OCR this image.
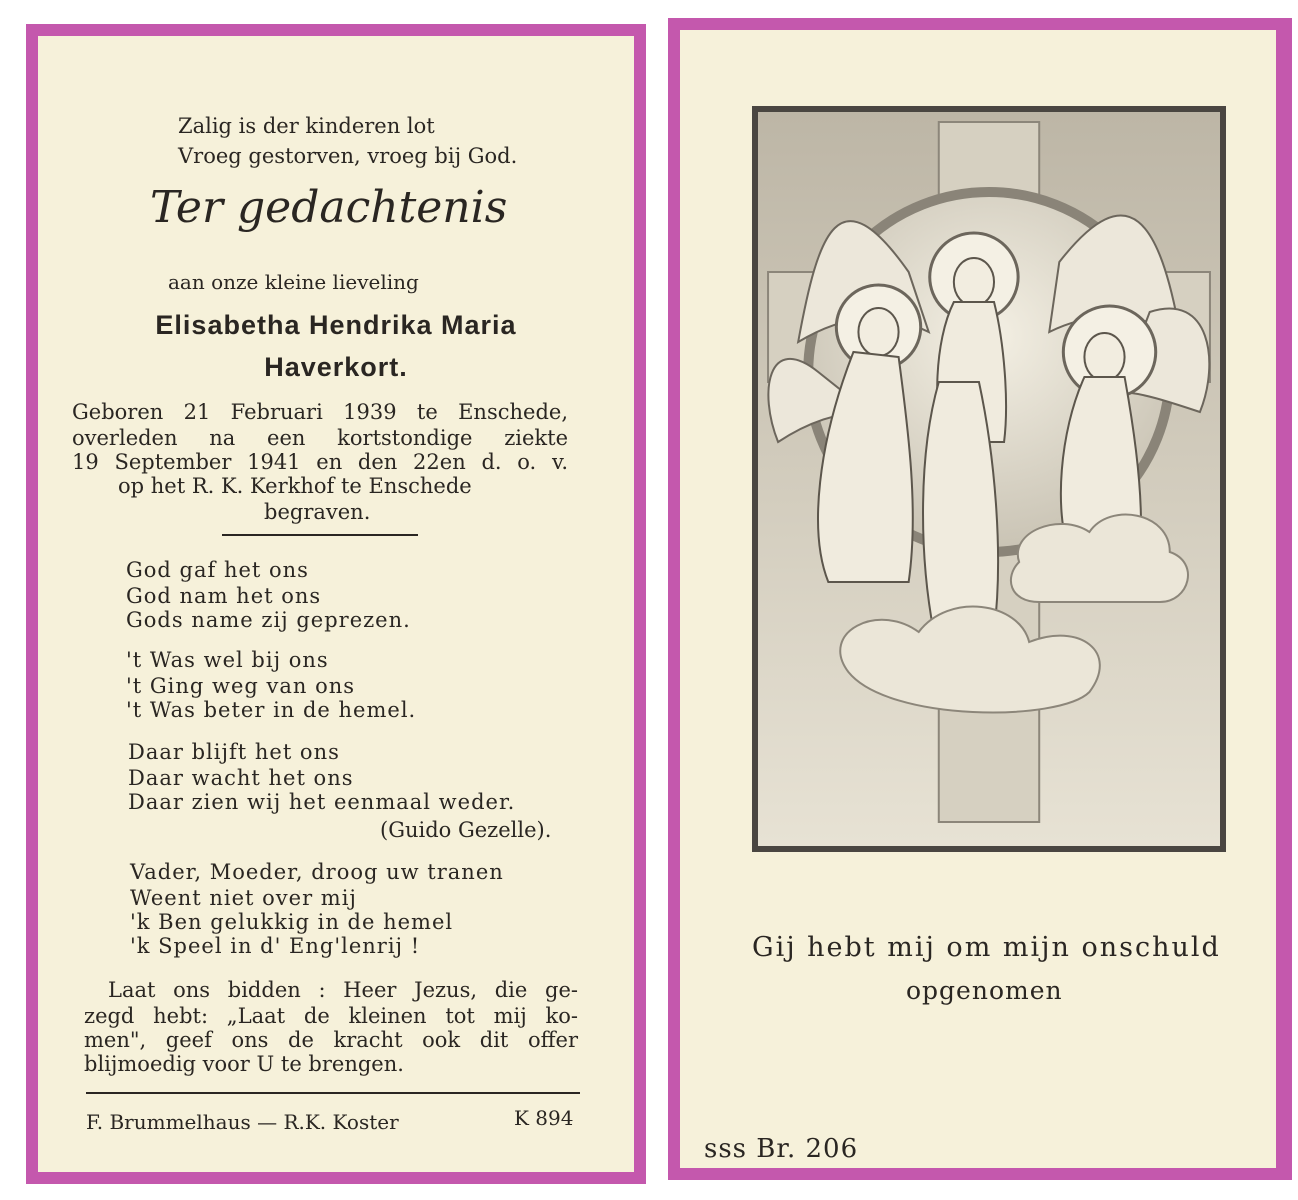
Zalig is der kinderen lot
Vroeg gestorven, vroeg bij God.
Ter gedachtenis
aan onze kleine lieveling
Elisabetha Hendrika Maria
Haverkort.
Geboren 21 Februari 1939 te Enschede,
overleden na een kortstondige ziekte
19 September 1941 en den 22en d. o. v.
op het R. K. Kerkhof te Enschede
begraven.
God gaf het ons
God nam het ons
Gods name zij geprezen.
't Was wel bij ons
't Ging weg van ons
't Was beter in de hemel.
Daar blijft het ons
Daar wacht het ons
Daar zien wij het eenmaal weder.
(Guido Gezelle).
Vader, Moeder, droog uw tranen
Weent niet over mij
'k Ben gelukkig in de hemel
'k Speel in d' Eng'lenrij !
Laat ons bidden : Heer Jezus, die ge-
zegd hebt: „Laat de kleinen tot mij ko-
men", geef ons de kracht ook dit offer
blijmoedig voor U te brengen.
F. Brummelhaus — R.K. Koster	K 894
Gij hebt mij om mijn onschuld
opgenomen
sss Br. 206
